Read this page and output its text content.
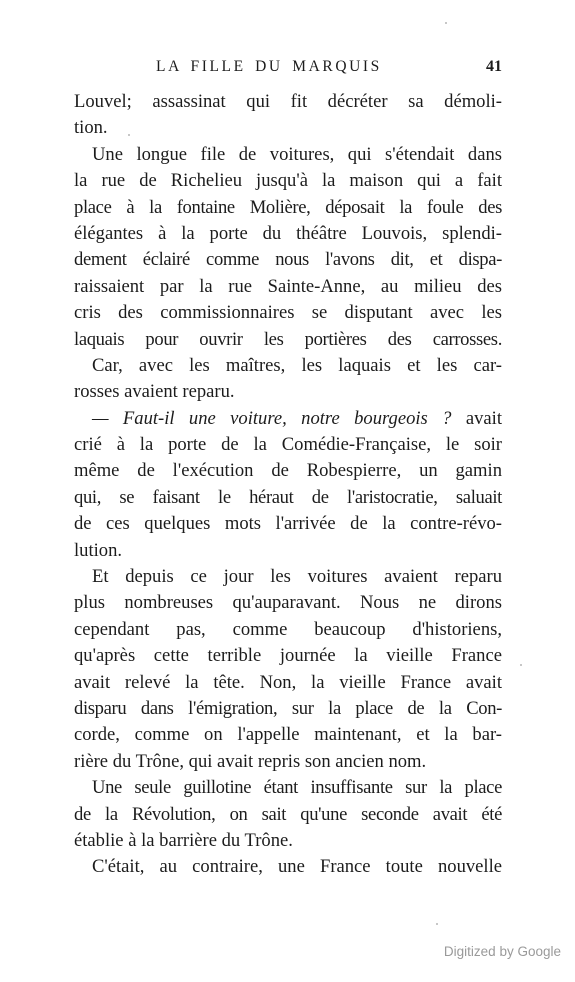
LA FILLE DU MARQUIS	41
Louvel; assassinat qui fit décréter sa démoli-
tion.
Une longue file de voitures, qui s'étendait dans
la rue de Richelieu jusqu'à la maison qui a fait
place à la fontaine Molière, déposait la foule des
élégantes à la porte du théâtre Louvois, splendi-
dement éclairé comme nous l'avons dit, et dispa-
raissaient par la rue Sainte-Anne, au milieu des
cris des commissionnaires se disputant avec les
laquais pour ouvrir les portières des carrosses.
Car, avec les maîtres, les laquais et les car-
rosses avaient reparu.
— Faut-il une voiture, notre bourgeois ? avait
crié à la porte de la Comédie-Française, le soir
même de l'exécution de Robespierre, un gamin
qui, se faisant le héraut de l'aristocratie, saluait
de ces quelques mots l'arrivée de la contre-révo-
lution.
Et depuis ce jour les voitures avaient reparu
plus nombreuses qu'auparavant. Nous ne dirons
cependant pas, comme beaucoup d'historiens,
qu'après cette terrible journée la vieille France
avait relevé la tête. Non, la vieille France avait
disparu dans l'émigration, sur la place de la Con-
corde, comme on l'appelle maintenant, et la bar-
rière du Trône, qui avait repris son ancien nom.
Une seule guillotine étant insuffisante sur la place
de la Révolution, on sait qu'une seconde avait été
établie à la barrière du Trône.
C'était, au contraire, une France toute nouvelle
Digitized by Google
